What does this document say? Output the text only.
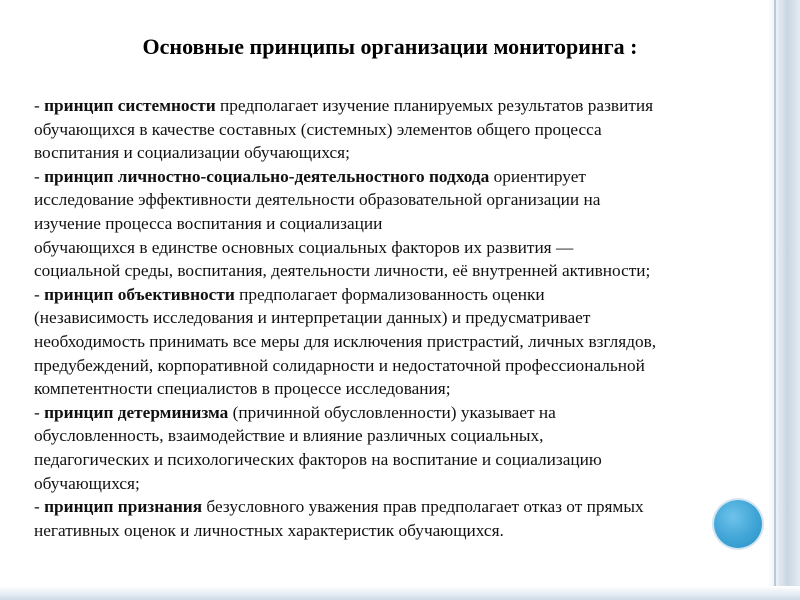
Основные принципы организации мониторинга :

- принцип системности предполагает изучение планируемых результатов развития
обучающихся в качестве составных (системных) элементов общего процесса
воспитания и социализации обучающихся;

- принцип личностно-социально-деятельностного подхода ориентирует
исследование эффективности деятельности образовательной организации на
изучение процесса воспитания и социализации
обучающихся в единстве основных социальных факторов их развития —
социальной среды, воспитания, деятельности личности, её внутренней активности;

- принцип объективности предполагает формализованность оценки
(независимость исследования и интерпретации данных) и предусматривает
необходимость принимать все меры для исключения пристрастий, личных взглядов,
предубеждений, корпоративной солидарности и недостаточной профессиональной
компетентности специалистов в процессе исследования;

- принцип детерминизма (причинной обусловленности) указывает на
обусловленность, взаимодействие и влияние различных социальных,
педагогических и психологических факторов на воспитание и социализацию
обучающихся;

- принцип признания безусловного уважения прав предполагает отказ от прямых
негативных оценок и личностных характеристик обучающихся.
